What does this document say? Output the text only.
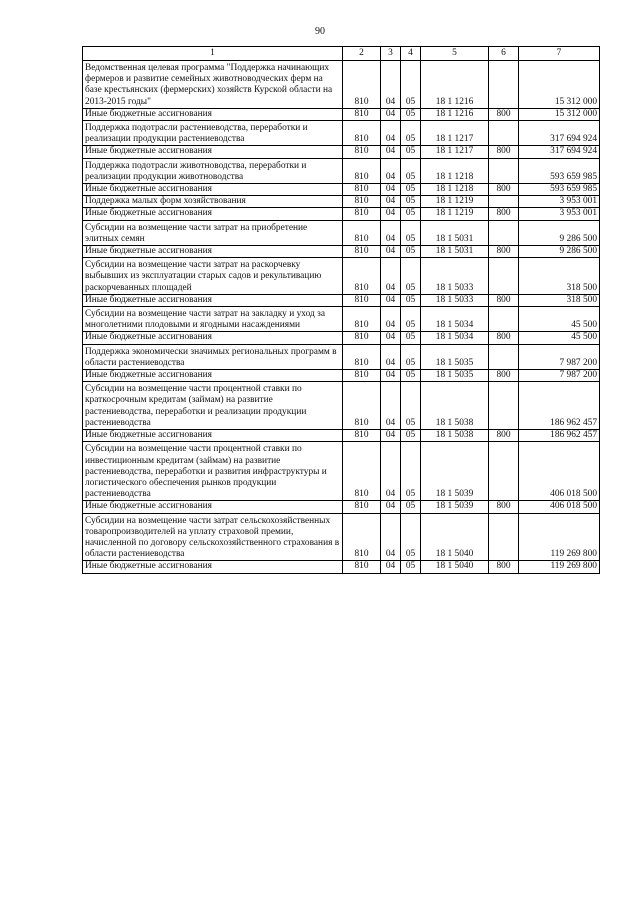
90
1	2	3	4	5	6	7
Ведомственная целевая программа "Поддержка начинающих фермеров и развитие семейных животноводческих ферм на базе крестьянских (фермерских) хозяйств Курской области на 2013-2015 годы"	810	04	05	18 1 1216		15 312 000
Иные бюджетные ассигнования	810	04	05	18 1 1216	800	15 312 000
Поддержка подотрасли растениеводства, переработки и реализации продукции растениеводства	810	04	05	18 1 1217		317 694 924
Иные бюджетные ассигнования	810	04	05	18 1 1217	800	317 694 924
Поддержка подотрасли животноводства, переработки и реализации продукции животноводства	810	04	05	18 1 1218		593 659 985
Иные бюджетные ассигнования	810	04	05	18 1 1218	800	593 659 985
Поддержка малых форм хозяйствования	810	04	05	18 1 1219		3 953 001
Иные бюджетные ассигнования	810	04	05	18 1 1219	800	3 953 001
Субсидии на возмещение части затрат на приобретение элитных семян	810	04	05	18 1 5031		9 286 500
Иные бюджетные ассигнования	810	04	05	18 1 5031	800	9 286 500
Субсидии на возмещение части затрат на раскорчевку выбывших из эксплуатации старых садов и рекультивацию раскорчеванных площадей	810	04	05	18 1 5033		318 500
Иные бюджетные ассигнования	810	04	05	18 1 5033	800	318 500
Субсидии на возмещение части затрат на закладку и уход за многолетними плодовыми и ягодными насаждениями	810	04	05	18 1 5034		45 500
Иные бюджетные ассигнования	810	04	05	18 1 5034	800	45 500
Поддержка экономически значимых региональных программ в области растениеводства	810	04	05	18 1 5035		7 987 200
Иные бюджетные ассигнования	810	04	05	18 1 5035	800	7 987 200
Субсидии на возмещение части процентной ставки по краткосрочным кредитам (займам) на развитие растениеводства, переработки и реализации продукции растениеводства	810	04	05	18 1 5038		186 962 457
Иные бюджетные ассигнования	810	04	05	18 1 5038	800	186 962 457
Субсидии на возмещение части процентной ставки по инвестиционным кредитам (займам) на развитие растениеводства, переработки и развития инфраструктуры и логистического обеспечения рынков продукции растениеводства	810	04	05	18 1 5039		406 018 500
Иные бюджетные ассигнования	810	04	05	18 1 5039	800	406 018 500
Субсидии на возмещение части затрат сельскохозяйственных товаропроизводителей на уплату страховой премии, начисленной по договору сельскохозяйственного страхования в области растениеводства	810	04	05	18 1 5040		119 269 800
Иные бюджетные ассигнования	810	04	05	18 1 5040	800	119 269 800
